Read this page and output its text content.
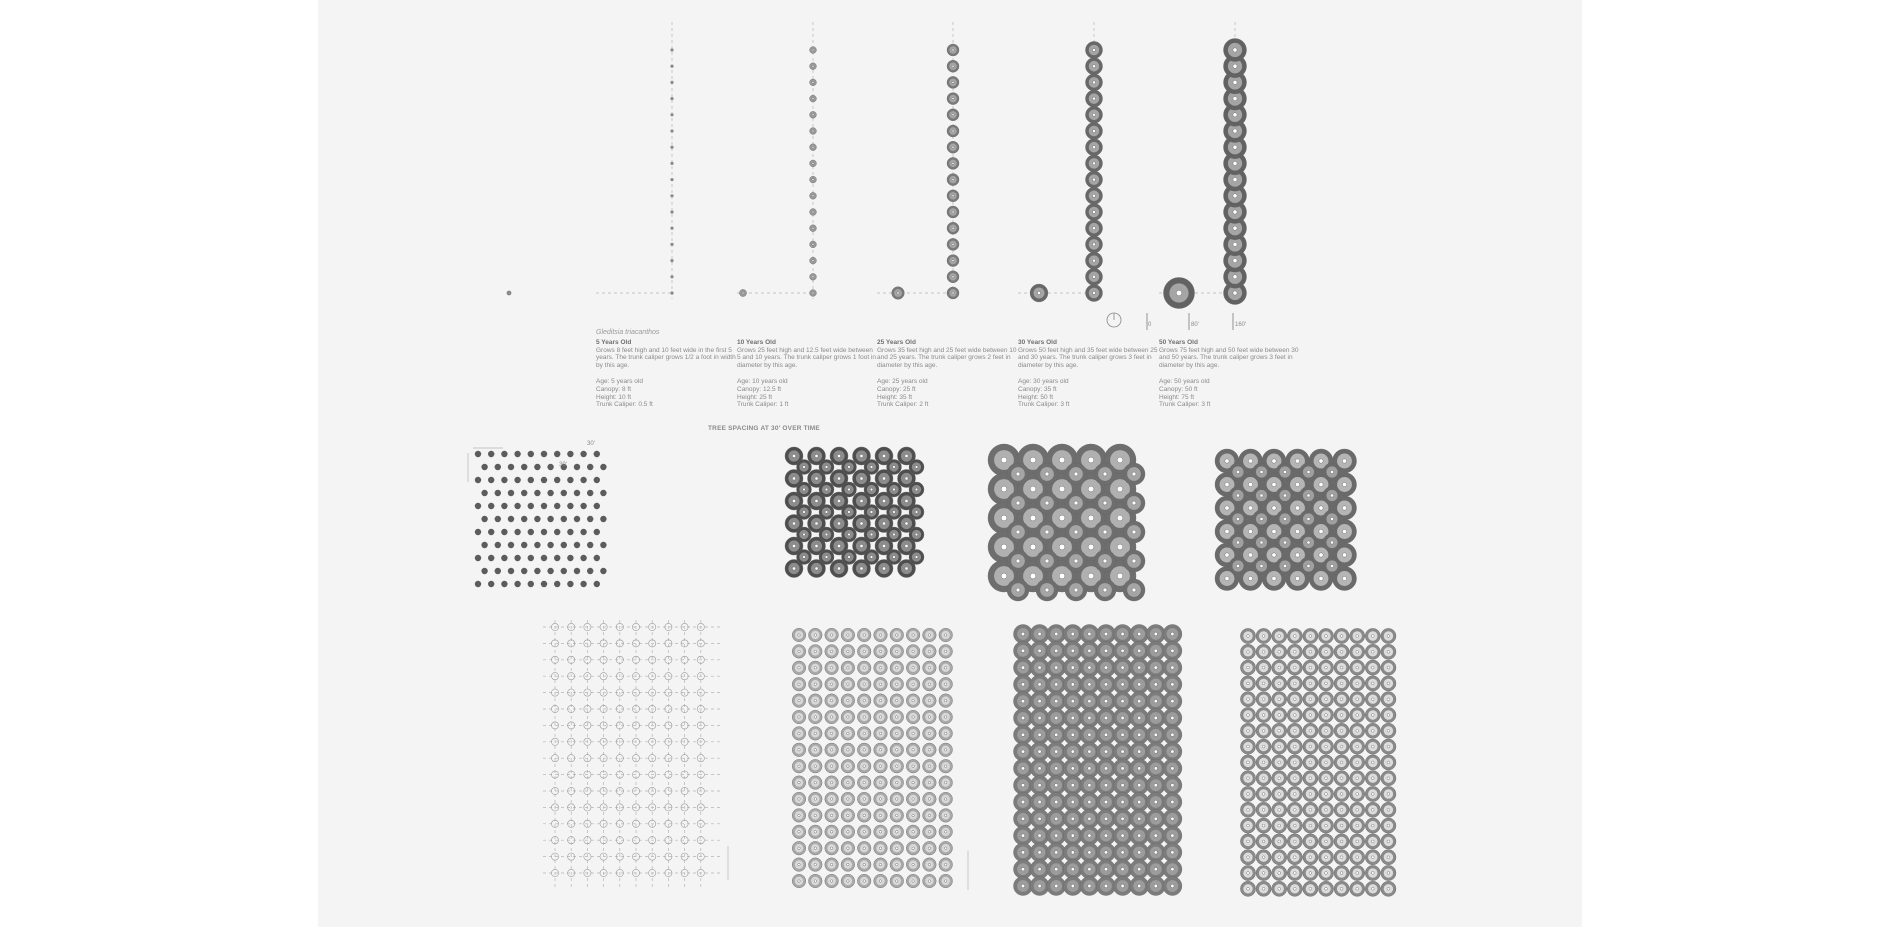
Gleditsia triacanthos
5 Years Old
Grows 8 feet high and 10 feet wide in the first 5 years. The trunk caliper grows 1/2 a foot in width by this age.
Age: 5 years old
Canopy: 8 ft
Height: 10 ft
Trunk Caliper: 0.5 ft
10 Years Old
Grows 25 feet high and 12.5 feet wide between 5 and 10 years. The trunk caliper grows 1 foot in diameter by this age.
Age: 10 years old
Canopy: 12.5 ft
Height: 25 ft
Trunk Caliper: 1 ft
25 Years Old
Grows 35 feet high and 25 feet wide between 10 and 25 years. The trunk caliper grows 2 feet in diameter by this age.
Age: 25 years old
Canopy: 25 ft
Height: 35 ft
Trunk Caliper: 2 ft
30 Years Old
Grows 50 feet high and 35 feet wide between 25 and 30 years. The trunk caliper grows 3 feet in diameter by this age.
Age: 30 years old
Canopy: 35 ft
Height: 50 ft
Trunk Caliper: 3 ft
50 Years Old
Grows 75 feet high and 50 feet wide between 30 and 50 years. The trunk caliper grows 3 feet in diameter by this age.
Age: 50 years old
Canopy: 50 ft
Height: 75 ft
Trunk Caliper: 3 ft
0	80'	160'
TREE SPACING AT 30' OVER TIME
30'
30'
